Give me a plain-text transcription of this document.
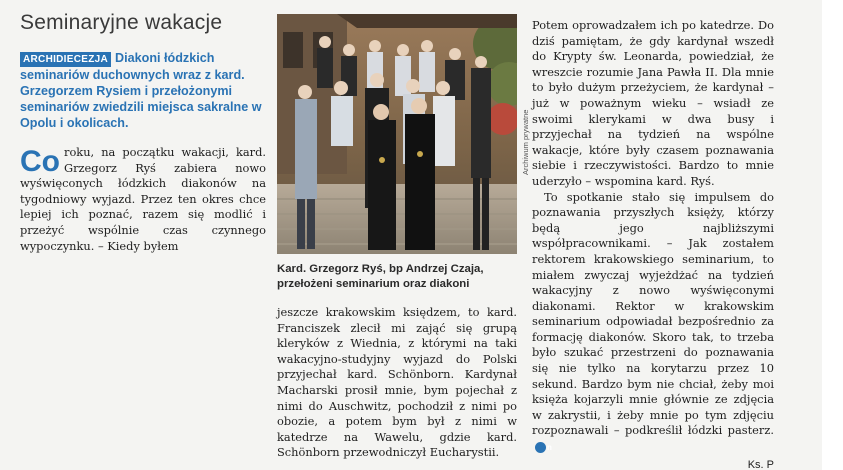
Seminaryjne wakacje

ARCHIDIECEZJA Diakoni łódzkich seminariów duchownych wraz z kard. Grzegorzem Rysiem i przełożonymi seminariów zwiedzili miejsca sakralne w Opolu i okolicach.

Co roku, na początku wakacji, kard. Grzegorz Ryś zabiera nowo wyświęconych łódzkich diakonów na tygodniowy wyjazd. Przez ten okres chce lepiej ich poznać, razem się modlić i przeżyć wspólnie czas czynnego wypoczynku. – Kiedy byłem

Archiwum prywatne

Kard. Grzegorz Ryś, bp Andrzej Czaja, przełożeni seminarium oraz diakoni

jeszcze krakowskim księdzem, to kard. Franciszek zlecił mi zająć się grupą kleryków z Wiednia, z którymi na taki wakacyjno-studyjny wyjazd do Polski przyjechał kard. Schönborn. Kardynał Macharski prosił mnie, bym pojechał z nimi do Auschwitz, pochodził z nimi po obozie, a potem bym był z nimi w katedrze na Wawelu, gdzie kard. Schönborn przewodniczył Eucharystii.

Potem oprowadzałem ich po katedrze. Do dziś pamiętam, że gdy kardynał wszedł do Krypty św. Leonarda, powiedział, że wreszcie rozumie Jana Pawła II. Dla mnie to było dużym przeżyciem, że kardynał – już w poważnym wieku – wsiadł ze swoimi klerykami w dwa busy i przyjechał na tydzień na wspólne wakacje, które były czasem poznawania siebie i rzeczywistości. Bardzo to mnie uderzyło – wspomina kard. Ryś.

To spotkanie stało się impulsem do poznawania przyszłych księży, którzy będą jego najbliższymi współpracownikami. – Jak zostałem rektorem krakowskiego seminarium, to miałem zwyczaj wyjeżdżać na tydzień wakacyjny z nowo wyświęconymi diakonami. Rektor w krakowskim seminarium odpowiadał bezpośrednio za formację diakonów. Skoro tak, to trzeba było szukać przestrzeni do poznawania się nie tylko na korytarzu przez 10 sekund. Bardzo bym nie chciał, żeby moi księża kojarzyli mnie głównie ze zdjęcia w zakrystii, i żeby mnie po tym zdjęciu rozpoznawali – podkreślił łódzki pasterz.n

Ks. P
